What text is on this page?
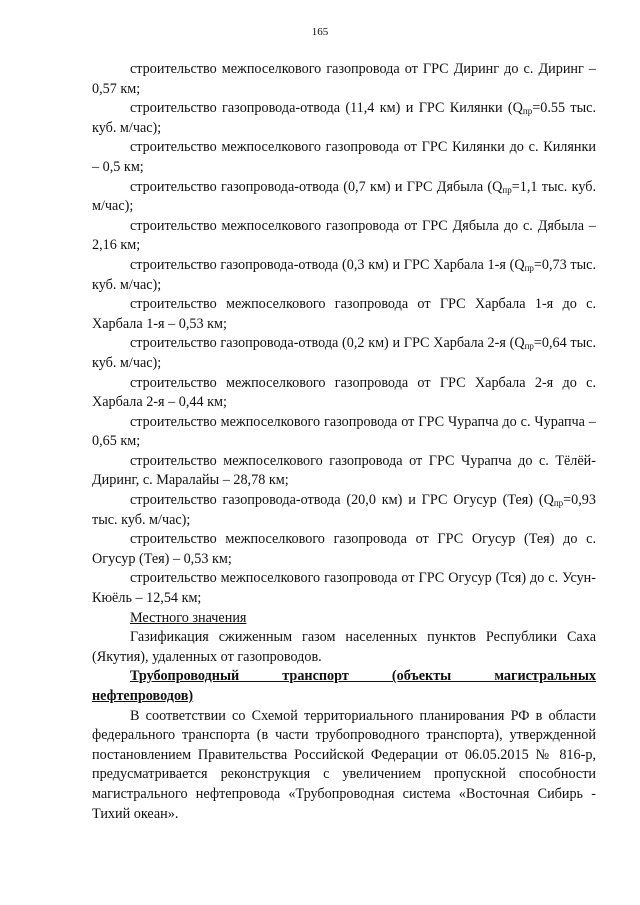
165

строительство межпоселкового газопровода от ГРС Диринг до с. Диринг – 0,57 км;

строительство газопровода-отвода (11,4 км) и ГРС Килянки ($Q_{пр}=0.55$ тыс. куб. м/час);

строительство межпоселкового газопровода от ГРС Килянки до с. Килянки – 0,5 км;

строительство газопровода-отвода (0,7 км) и ГРС Дябыла ($Q_{пр}=1,1$ тыс. куб. м/час);

строительство межпоселкового газопровода от ГРС Дябыла до с. Дябыла – 2,16 км;

строительство газопровода-отвода (0,3 км) и ГРС Харбала 1-я ($Q_{пр}=0,73$ тыс. куб. м/час);

строительство межпоселкового газопровода от ГРС Харбала 1-я до с. Харбала 1-я – 0,53 км;

строительство газопровода-отвода (0,2 км) и ГРС Харбала 2-я ($Q_{пр}=0,64$ тыс. куб. м/час);

строительство межпоселкового газопровода от ГРС Харбала 2-я до с. Харбала 2-я – 0,44 км;

строительство межпоселкового газопровода от ГРС Чурапча до с. Чурапча – 0,65 км;

строительство межпоселкового газопровода от ГРС Чурапча до с. Тёлёй-Диринг, с. Маралайы – 28,78 км;

строительство газопровода-отвода (20,0 км) и ГРС Огусур (Тея) ($Q_{пр}=0,93$ тыс. куб. м/час);

строительство межпоселкового газопровода от ГРС Огусур (Тея) до с. Огусур (Тея) – 0,53 км;

строительство межпоселкового газопровода от ГРС Огусур (Тся) до с. Усун-Кюёль – 12,54 км;

Местного значения

Газификация сжиженным газом населенных пунктов Республики Саха (Якутия), удаленных от газопроводов.

Трубопроводный транспорт (объекты магистральных

нефтепроводов)

В соответствии со Схемой территориального планирования РФ в области федерального транспорта (в части трубопроводного транспорта), утвержденной постановлением Правительства Российской Федерации от 06.05.2015 № 816-р, предусматривается реконструкция с увеличением пропускной способности магистрального нефтепровода «Трубопроводная система «Восточная Сибирь - Тихий океан».
